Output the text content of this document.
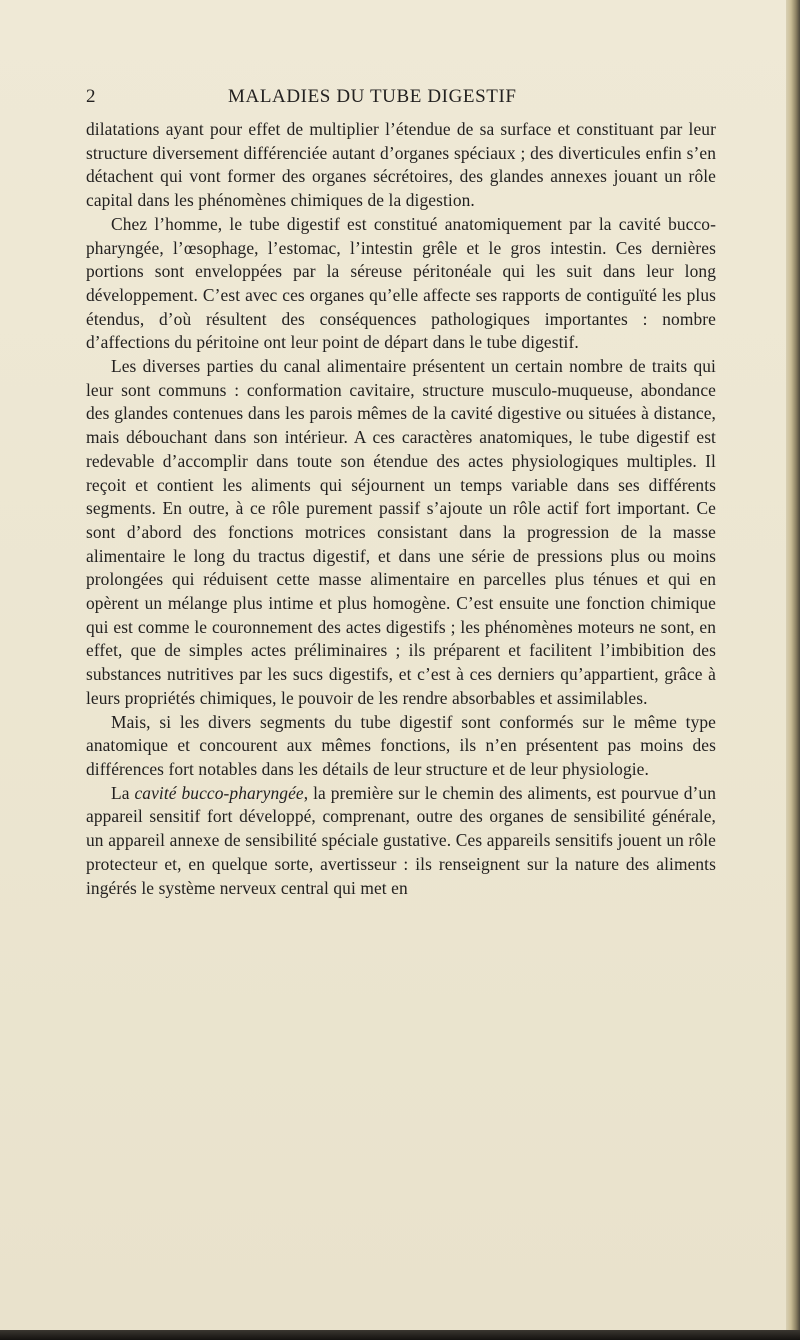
2	MALADIES DU TUBE DIGESTIF

dilatations ayant pour effet de multiplier l’étendue de sa surface et constituant par leur structure diversement différenciée autant d’organes spéciaux ; des diverticules enfin s’en détachent qui vont former des organes sécrétoires, des glandes annexes jouant un rôle capital dans les phénomènes chimiques de la digestion.

Chez l’homme, le tube digestif est constitué anatomiquement par la cavité bucco-pharyngée, l’œsophage, l’estomac, l’intestin grêle et le gros intestin. Ces dernières portions sont enveloppées par la séreuse péritonéale qui les suit dans leur long développement. C’est avec ces organes qu’elle affecte ses rapports de contiguïté les plus étendus, d’où résultent des conséquences pathologiques importantes : nombre d’affections du péritoine ont leur point de départ dans le tube digestif.

Les diverses parties du canal alimentaire présentent un certain nombre de traits qui leur sont communs : conformation cavitaire, structure musculo-muqueuse, abondance des glandes contenues dans les parois mêmes de la cavité digestive ou situées à distance, mais débouchant dans son intérieur. A ces caractères anatomiques, le tube digestif est redevable d’accomplir dans toute son étendue des actes physiologiques multiples. Il reçoit et contient les aliments qui séjournent un temps variable dans ses différents segments. En outre, à ce rôle purement passif s’ajoute un rôle actif fort important. Ce sont d’abord des fonctions motrices consistant dans la progression de la masse alimentaire le long du tractus digestif, et dans une série de pressions plus ou moins prolongées qui réduisent cette masse alimentaire en parcelles plus ténues et qui en opèrent un mélange plus intime et plus homogène. C’est ensuite une fonction chimique qui est comme le couronnement des actes digestifs ; les phénomènes moteurs ne sont, en effet, que de simples actes préliminaires ; ils préparent et facilitent l’imbibition des substances nutritives par les sucs digestifs, et c’est à ces derniers qu’appartient, grâce à leurs propriétés chimiques, le pouvoir de les rendre absorbables et assimilables.

Mais, si les divers segments du tube digestif sont conformés sur le même type anatomique et concourent aux mêmes fonctions, ils n’en présentent pas moins des différences fort notables dans les détails de leur structure et de leur physiologie.

La cavité bucco-pharyngée, la première sur le chemin des aliments, est pourvue d’un appareil sensitif fort développé, comprenant, outre des organes de sensibilité générale, un appareil annexe de sensibilité spéciale gustative. Ces appareils sensitifs jouent un rôle protecteur et, en quelque sorte, avertisseur : ils renseignent sur la nature des aliments ingérés le système nerveux central qui met en
